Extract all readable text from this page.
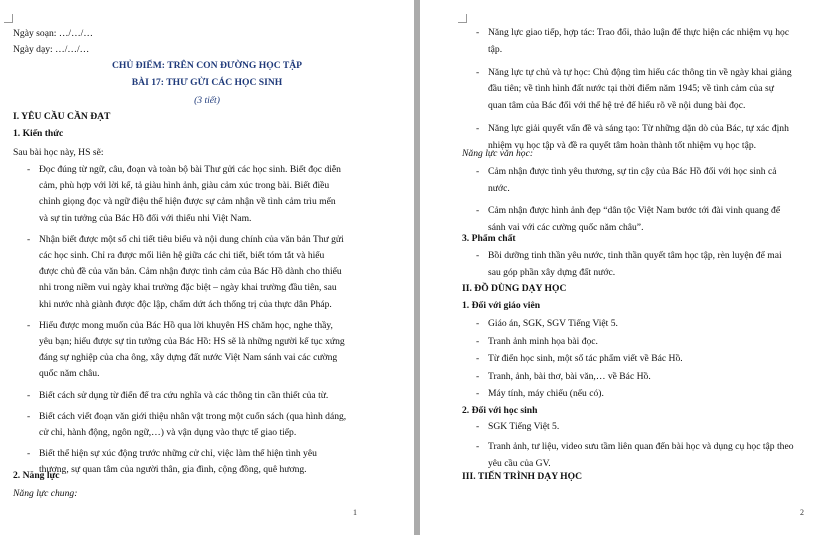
Ngày soạn: …/…/…
Ngày dạy: …/…/…
CHỦ ĐIỂM: TRÊN CON ĐƯỜNG HỌC TẬP
BÀI 17: THƯ GỬI CÁC HỌC SINH
(3 tiết)
I. YÊU CẦU CẦN ĐẠT
1. Kiến thức
Sau bài học này, HS sẽ:
- Đọc đúng từ ngữ, câu, đoạn và toàn bộ bài Thư gửi các học sinh. Biết đọc diễn
cảm, phù hợp với lời kể, tả giàu hình ảnh, giàu cảm xúc trong bài. Biết điều
chỉnh giọng đọc và ngữ điệu thể hiện được sự cảm nhận về tình cảm trìu mến
và sự tin tưởng của Bác Hồ đối với thiếu nhi Việt Nam.
- Nhận biết được một số chi tiết tiêu biểu và nội dung chính của văn bản Thư gửi
các học sinh. Chỉ ra được mối liên hệ giữa các chi tiết, biết tóm tắt và hiểu
được chủ đề của văn bản. Cảm nhận được tình cảm của Bác Hồ dành cho thiếu
nhi trong niềm vui ngày khai trường đặc biệt – ngày khai trường đầu tiên, sau
khi nước nhà giành được độc lập, chấm dứt ách thống trị của thực dân Pháp.
- Hiểu được mong muốn của Bác Hồ qua lời khuyên HS chăm học, nghe thầy,
yêu bạn; hiểu được sự tin tưởng của Bác Hồ: HS sẽ là những người kế tục xứng
đáng sự nghiệp của cha ông, xây dựng đất nước Việt Nam sánh vai các cường
quốc năm châu.
- Biết cách sử dụng từ điển để tra cứu nghĩa và các thông tin cần thiết của từ.
- Biết cách viết đoạn văn giới thiệu nhân vật trong một cuốn sách (qua hình dáng,
cử chỉ, hành động, ngôn ngữ,…) và vận dụng vào thực tế giao tiếp.
- Biết thể hiện sự xúc động trước những cử chỉ, việc làm thể hiện tình yêu
thương, sự quan tâm của người thân, gia đình, cộng đồng, quê hương.
2. Năng lực
Năng lực chung:
1
- Năng lực giao tiếp, hợp tác: Trao đổi, thảo luận để thực hiện các nhiệm vụ học
tập.
- Năng lực tự chủ và tự học: Chủ động tìm hiểu các thông tin về ngày khai giảng
đầu tiên; về tình hình đất nước tại thời điểm năm 1945; về tình cảm của sự
quan tâm của Bác đối với thế hệ trẻ để hiểu rõ về nội dung bài đọc.
- Năng lực giải quyết vấn đề và sáng tạo: Từ những dặn dò của Bác, tự xác định
nhiệm vụ học tập và đề ra quyết tâm hoàn thành tốt nhiệm vụ học tập.
Năng lực văn học:
- Cảm nhận được tình yêu thương, sự tin cậy của Bác Hồ đối với học sinh cả
nước.
- Cảm nhận được hình ảnh đẹp “dân tộc Việt Nam bước tới đài vinh quang để
sánh vai với các cường quốc năm châu”.
3. Phẩm chất
- Bồi dưỡng tinh thần yêu nước, tinh thần quyết tâm học tập, rèn luyện để mai
sau góp phần xây dựng đất nước.
II. ĐỒ DÙNG DẠY HỌC
1. Đối với giáo viên
- Giáo án, SGK, SGV Tiếng Việt 5.
- Tranh ảnh minh họa bài đọc.
- Từ điển học sinh, một số tác phẩm viết về Bác Hồ.
- Tranh, ảnh, bài thơ, bài văn,… về Bác Hồ.
- Máy tính, máy chiếu (nếu có).
2. Đối với học sinh
- SGK Tiếng Việt 5.
- Tranh ảnh, tư liệu, video sưu tầm liên quan đến bài học và dụng cụ học tập theo
yêu cầu của GV.
III. TIẾN TRÌNH DẠY HỌC
2
